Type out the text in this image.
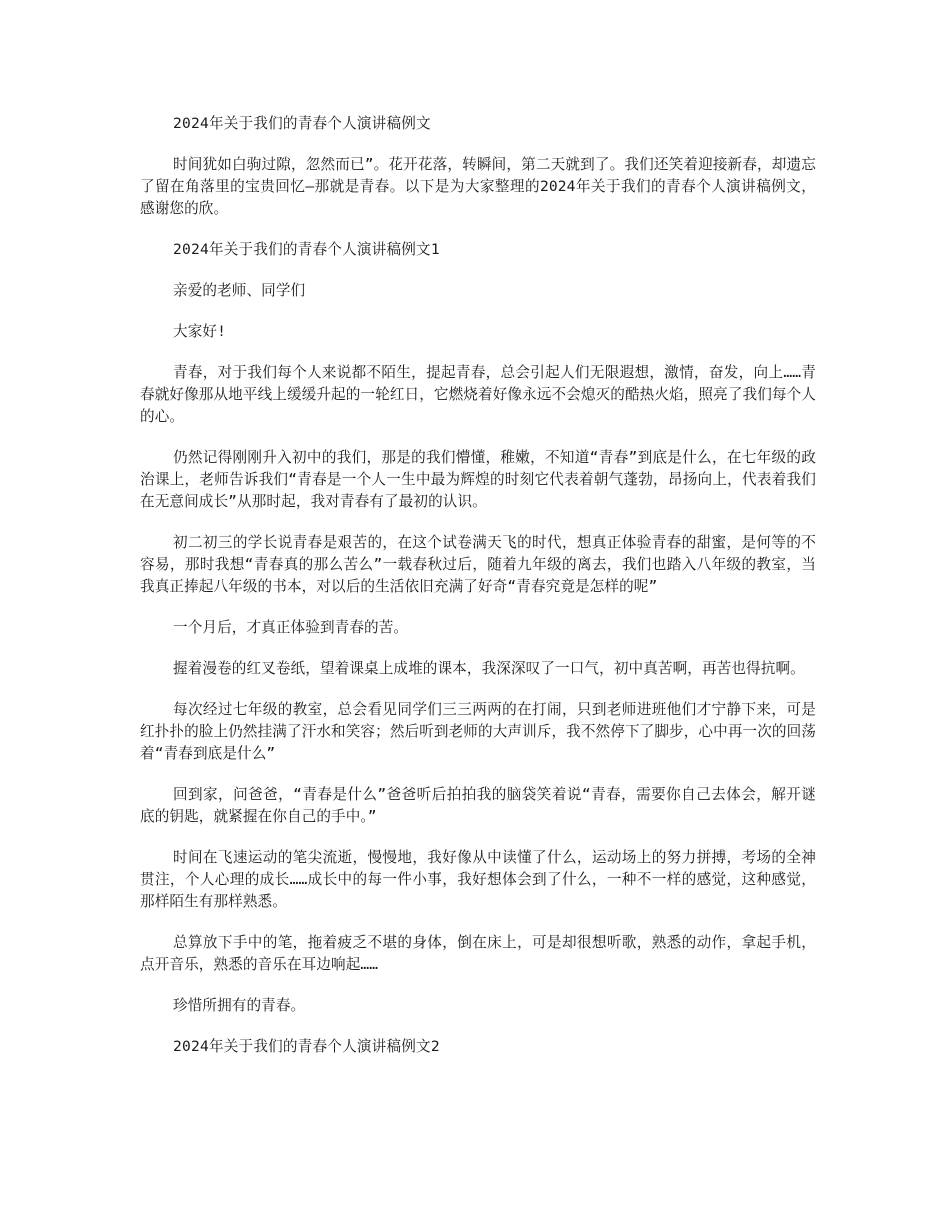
2024年关于我们的青春个人演讲稿例文

时间犹如白驹过隙，忽然而已”。花开花落，转瞬间，第二天就到了。我们还笑着迎接新春，却遗忘了留在角落里的宝贵回忆—那就是青春。以下是为大家整理的2024年关于我们的青春个人演讲稿例文，感谢您的欣。

2024年关于我们的青春个人演讲稿例文1

亲爱的老师、同学们

大家好!

青春，对于我们每个人来说都不陌生，提起青春，总会引起人们无限遐想，激情，奋发，向上……青春就好像那从地平线上缓缓升起的一轮红日，它燃烧着好像永远不会熄灭的酷热火焰，照亮了我们每个人的心。

仍然记得刚刚升入初中的我们，那是的我们懵懂，稚嫩，不知道“青春”到底是什么，在七年级的政治课上，老师告诉我们“青春是一个人一生中最为辉煌的时刻它代表着朝气蓬勃，昂扬向上，代表着我们在无意间成长”从那时起，我对青春有了最初的认识。

初二初三的学长说青春是艰苦的，在这个试卷满天飞的时代，想真正体验青春的甜蜜，是何等的不容易，那时我想“青春真的那么苦么”一载春秋过后，随着九年级的离去，我们也踏入八年级的教室，当我真正捧起八年级的书本，对以后的生活依旧充满了好奇“青春究竟是怎样的呢”

一个月后，才真正体验到青春的苦。

握着漫卷的红叉卷纸，望着课桌上成堆的课本，我深深叹了一口气，初中真苦啊，再苦也得抗啊。

每次经过七年级的教室，总会看见同学们三三两两的在打闹，只到老师进班他们才宁静下来，可是红扑扑的脸上仍然挂满了汗水和笑容；然后听到老师的大声训斥，我不然停下了脚步，心中再一次的回荡着“青春到底是什么”

回到家，问爸爸，“青春是什么”爸爸听后拍拍我的脑袋笑着说“青春，需要你自己去体会，解开谜底的钥匙，就紧握在你自己的手中。”

时间在飞速运动的笔尖流逝，慢慢地，我好像从中读懂了什么，运动场上的努力拼搏，考场的全神贯注，个人心理的成长……成长中的每一件小事，我好想体会到了什么，一种不一样的感觉，这种感觉，那样陌生有那样熟悉。

总算放下手中的笔，拖着疲乏不堪的身体，倒在床上，可是却很想听歌，熟悉的动作，拿起手机，点开音乐，熟悉的音乐在耳边响起……

珍惜所拥有的青春。

2024年关于我们的青春个人演讲稿例文2
